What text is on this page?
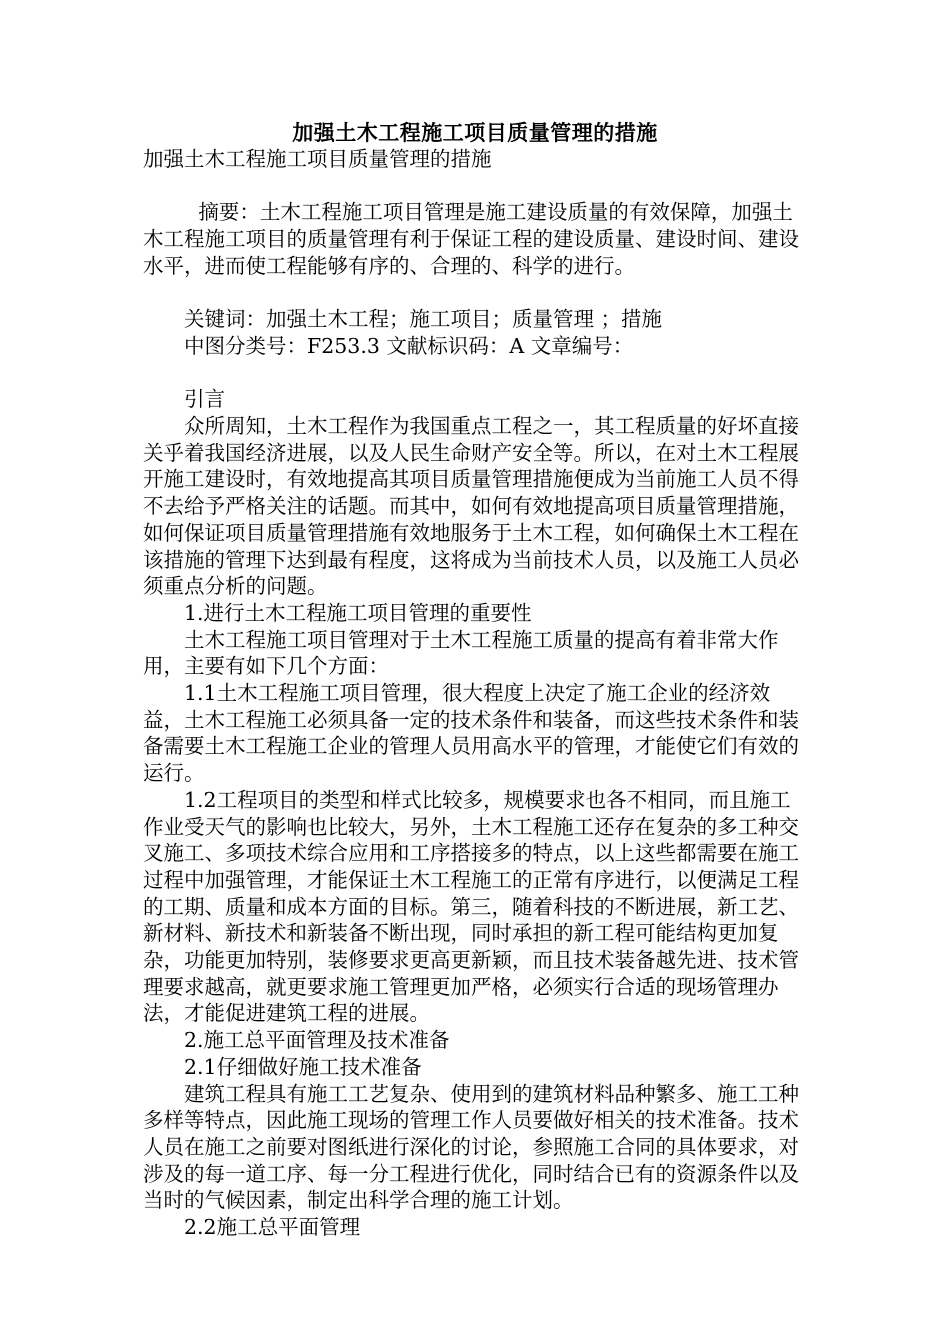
加强土木工程施工项目质量管理的措施

加强土木工程施工项目质量管理的措施

摘要：土木工程施工项目管理是施工建设质量的有效保障，加强土木工程施工项目的质量管理有利于保证工程的建设质量、建设时间、建设水平，进而使工程能够有序的、合理的、科学的进行。

关键词：加强土木工程；施工项目；质量管理 ；措施

中图分类号：F253.3 文献标识码：A 文章编号：

引言

众所周知，土木工程作为我国重点工程之一，其工程质量的好坏直接关乎着我国经济进展，以及人民生命财产安全等。所以，在对土木工程展开施工建设时，有效地提高其项目质量管理措施便成为当前施工人员不得不去给予严格关注的话题。而其中，如何有效地提高项目质量管理措施，如何保证项目质量管理措施有效地服务于土木工程，如何确保土木工程在该措施的管理下达到最有程度，这将成为当前技术人员，以及施工人员必须重点分析的问题。

1.进行土木工程施工项目管理的重要性

土木工程施工项目管理对于土木工程施工质量的提高有着非常大作用，主要有如下几个方面：

1.1土木工程施工项目管理，很大程度上决定了施工企业的经济效益，土木工程施工必须具备一定的技术条件和装备，而这些技术条件和装备需要土木工程施工企业的管理人员用高水平的管理，才能使它们有效的运行。

1.2工程项目的类型和样式比较多，规模要求也各不相同，而且施工作业受天气的影响也比较大，另外，土木工程施工还存在复杂的多工种交叉施工、多项技术综合应用和工序搭接多的特点，以上这些都需要在施工过程中加强管理，才能保证土木工程施工的正常有序进行，以便满足工程的工期、质量和成本方面的目标。第三，随着科技的不断进展，新工艺、新材料、新技术和新装备不断出现，同时承担的新工程可能结构更加复杂，功能更加特别，装修要求更高更新颖，而且技术装备越先进、技术管理要求越高，就更要求施工管理更加严格，必须实行合适的现场管理办法，才能促进建筑工程的进展。

2.施工总平面管理及技术准备

2.1仔细做好施工技术准备

建筑工程具有施工工艺复杂、使用到的建筑材料品种繁多、施工工种多样等特点，因此施工现场的管理工作人员要做好相关的技术准备。技术人员在施工之前要对图纸进行深化的讨论，参照施工合同的具体要求，对涉及的每一道工序、每一分工程进行优化，同时结合已有的资源条件以及当时的气候因素，制定出科学合理的施工计划。

2.2施工总平面管理
